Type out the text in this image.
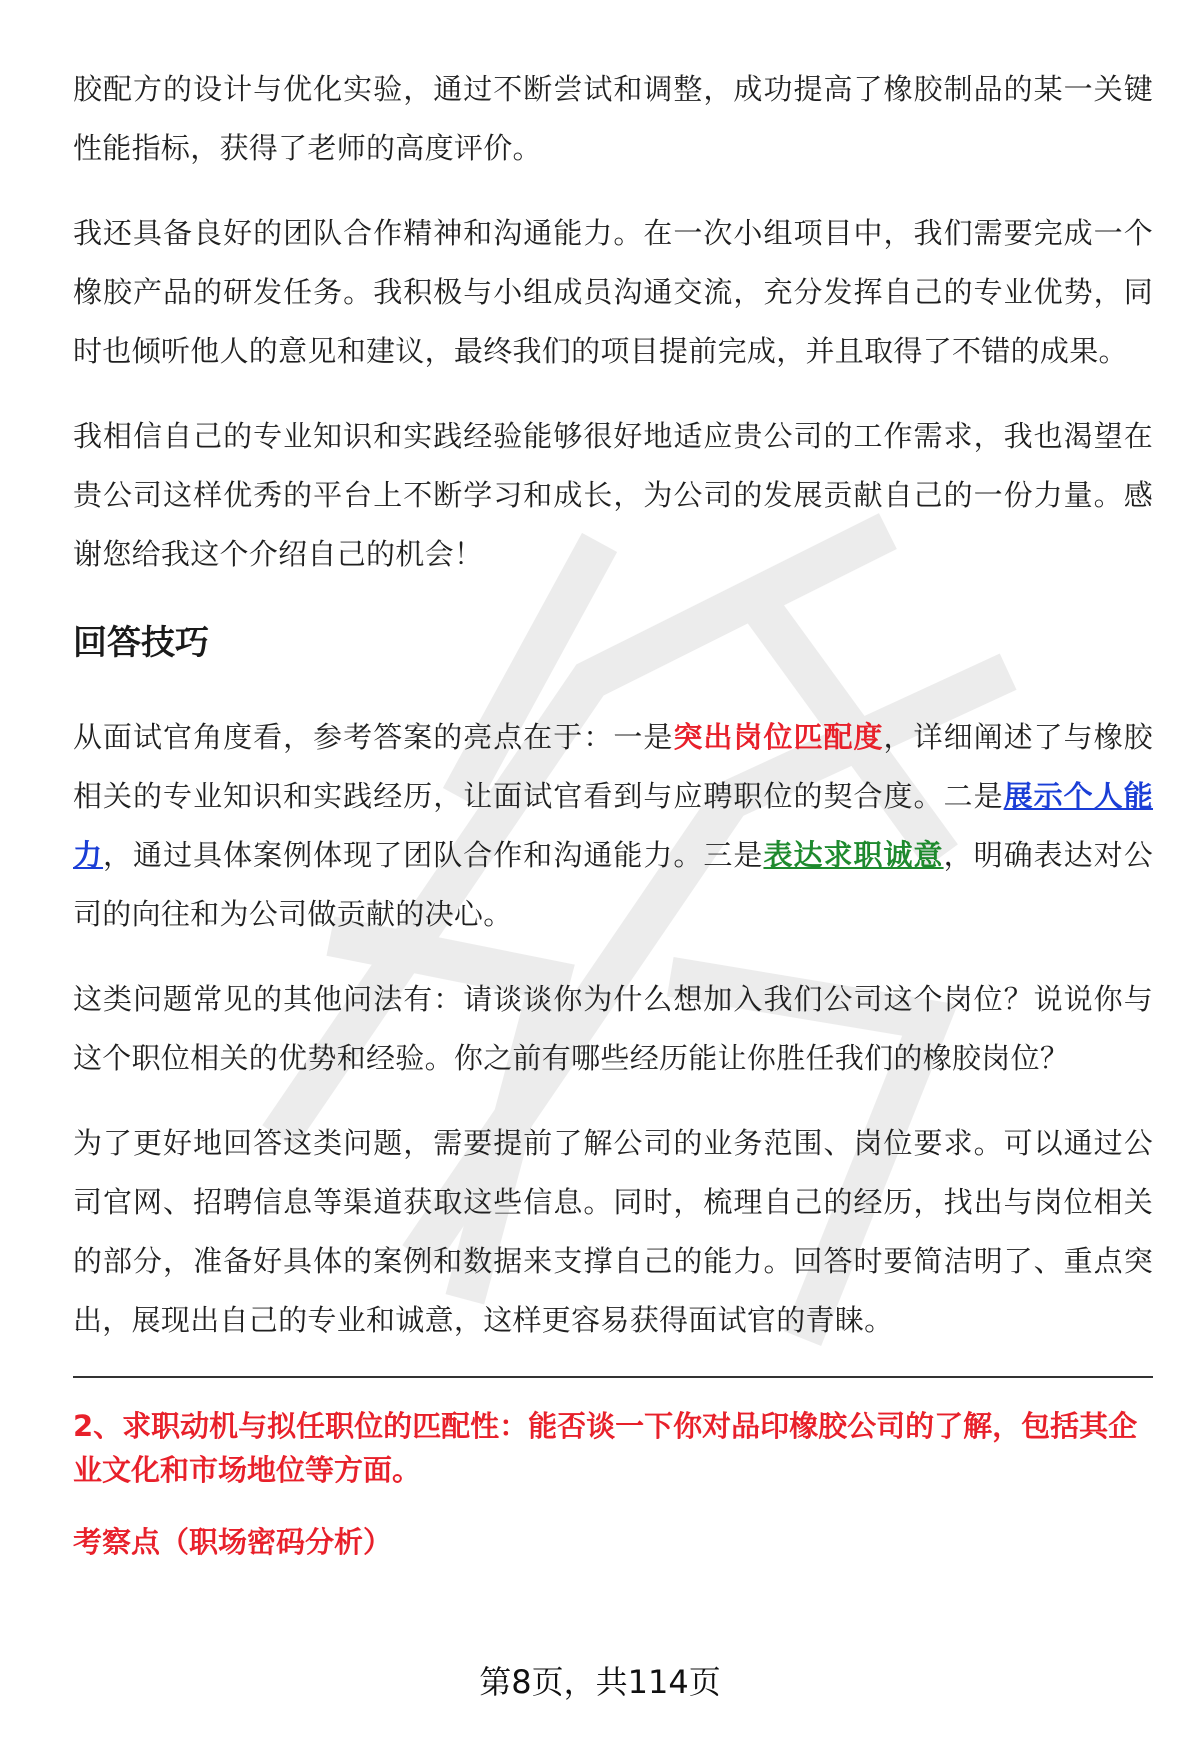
胶配方的设计与优化实验，通过不断尝试和调整，成功提高了橡胶制品的某一关键性能指标，获得了老师的高度评价。

我还具备良好的团队合作精神和沟通能力。在一次小组项目中，我们需要完成一个橡胶产品的研发任务。我积极与小组成员沟通交流，充分发挥自己的专业优势，同时也倾听他人的意见和建议，最终我们的项目提前完成，并且取得了不错的成果。

我相信自己的专业知识和实践经验能够很好地适应贵公司的工作需求，我也渴望在贵公司这样优秀的平台上不断学习和成长，为公司的发展贡献自己的一份力量。感谢您给我这个介绍自己的机会！

回答技巧

从面试官角度看，参考答案的亮点在于：一是突出岗位匹配度，详细阐述了与橡胶相关的专业知识和实践经历，让面试官看到与应聘职位的契合度。二是展示个人能力，通过具体案例体现了团队合作和沟通能力。三是表达求职诚意，明确表达对公司的向往和为公司做贡献的决心。

这类问题常见的其他问法有：请谈谈你为什么想加入我们公司这个岗位？说说你与这个职位相关的优势和经验。你之前有哪些经历能让你胜任我们的橡胶岗位？

为了更好地回答这类问题，需要提前了解公司的业务范围、岗位要求。可以通过公司官网、招聘信息等渠道获取这些信息。同时，梳理自己的经历，找出与岗位相关的部分，准备好具体的案例和数据来支撑自己的能力。回答时要简洁明了、重点突出，展现出自己的专业和诚意，这样更容易获得面试官的青睐。

2、求职动机与拟任职位的匹配性：能否谈一下你对品印橡胶公司的了解，包括其企业文化和市场地位等方面。

考察点（职场密码分析）

第8页，共114页
